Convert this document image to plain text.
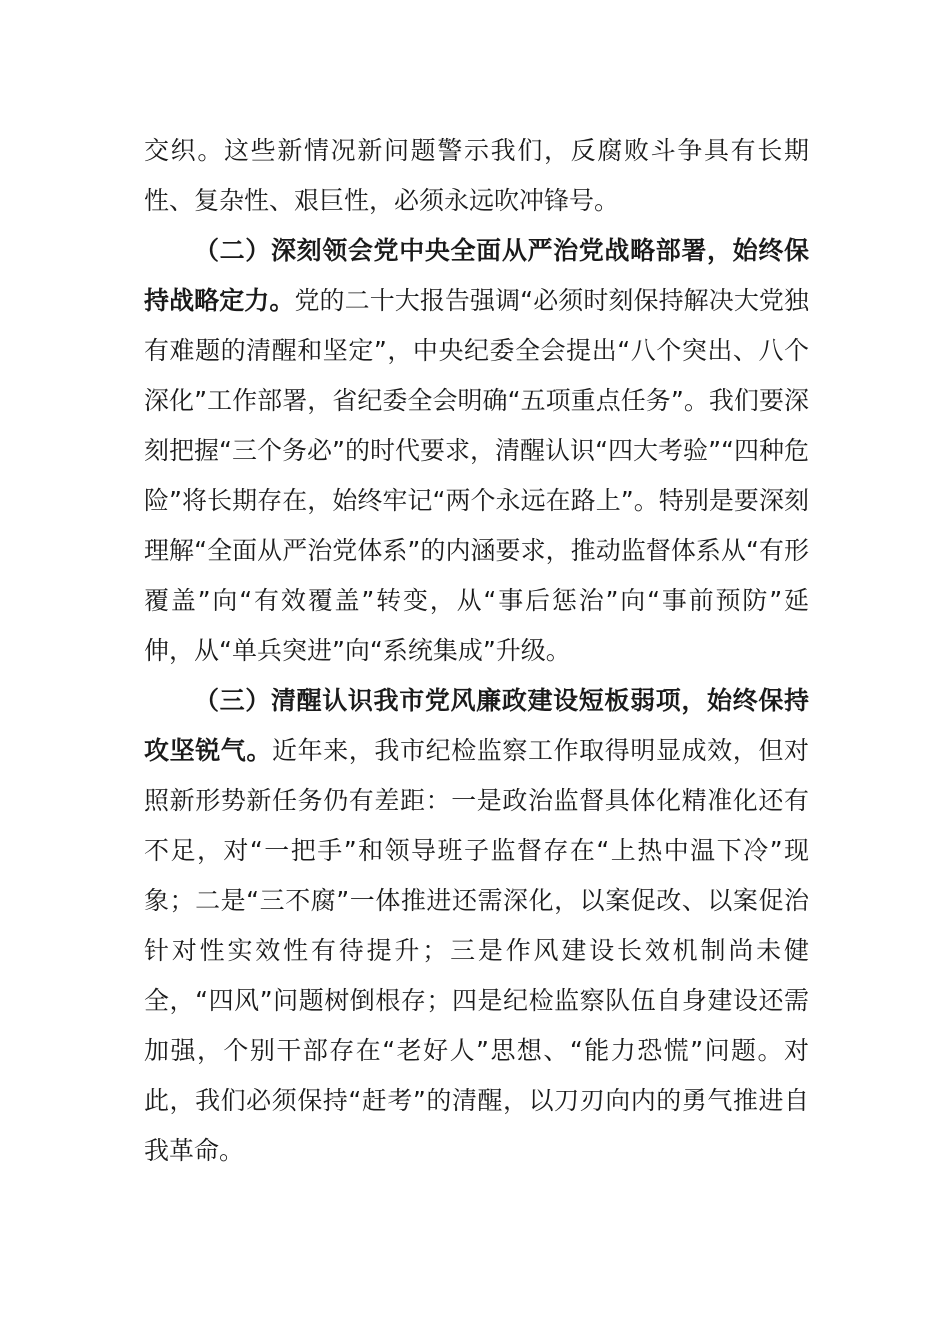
交织。这些新情况新问题警示我们，反腐败斗争具有长期性、复杂性、艰巨性，必须永远吹冲锋号。

（二）深刻领会党中央全面从严治党战略部署，始终保持战略定力。党的二十大报告强调“必须时刻保持解决大党独有难题的清醒和坚定”，中央纪委全会提出“八个突出、八个深化”工作部署，省纪委全会明确“五项重点任务”。我们要深刻把握“三个务必”的时代要求，清醒认识“四大考验”“四种危险”将长期存在，始终牢记“两个永远在路上”。特别是要深刻理解“全面从严治党体系”的内涵要求，推动监督体系从“有形覆盖”向“有效覆盖”转变，从“事后惩治”向“事前预防”延伸，从“单兵突进”向“系统集成”升级。

（三）清醒认识我市党风廉政建设短板弱项，始终保持攻坚锐气。近年来，我市纪检监察工作取得明显成效，但对照新形势新任务仍有差距：一是政治监督具体化精准化还有不足，对“一把手”和领导班子监督存在“上热中温下冷”现象；二是“三不腐”一体推进还需深化，以案促改、以案促治针对性实效性有待提升；三是作风建设长效机制尚未健全，“四风”问题树倒根存；四是纪检监察队伍自身建设还需加强，个别干部存在“老好人”思想、“能力恐慌”问题。对此，我们必须保持“赶考”的清醒，以刀刃向内的勇气推进自我革命。
